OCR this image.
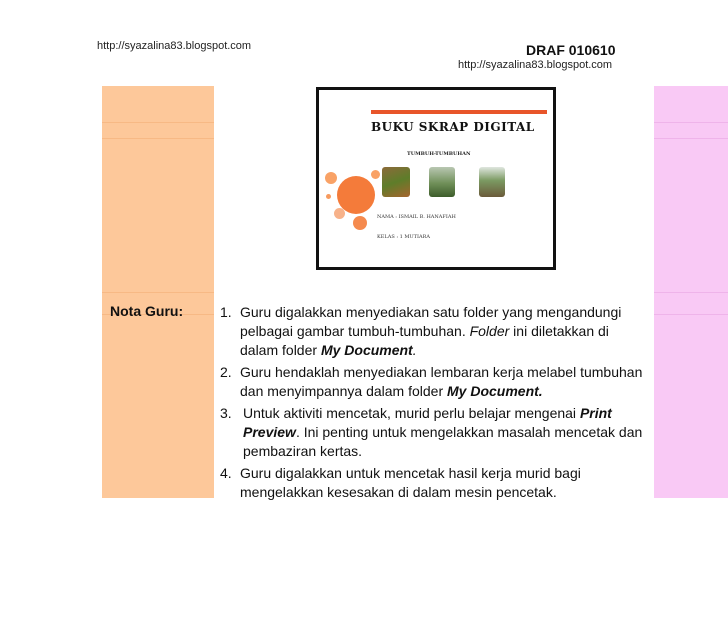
http://syazalina83.blogspot.com	DRAF 010610
http://syazalina83.blogspot.com
BUKU SKRAP DIGITAL
TUMBUH-TUMBUHAN
NAMA : ISMAIL B. HANAFIAH
KELAS : 1 MUTIARA
Nota Guru:	1. Guru digalakkan menyediakan satu folder yang mengandungi pelbagai gambar tumbuh-tumbuhan. Folder ini diletakkan di dalam folder My Document.
2. Guru hendaklah menyediakan lembaran kerja melabel tumbuhan dan menyimpannya dalam folder My Document.
3. Untuk aktiviti mencetak, murid perlu belajar mengenai Print Preview. Ini penting untuk mengelakkan masalah mencetak dan pembaziran kertas.
4. Guru digalakkan untuk mencetak hasil kerja murid bagi mengelakkan kesesakan di dalam mesin pencetak.
